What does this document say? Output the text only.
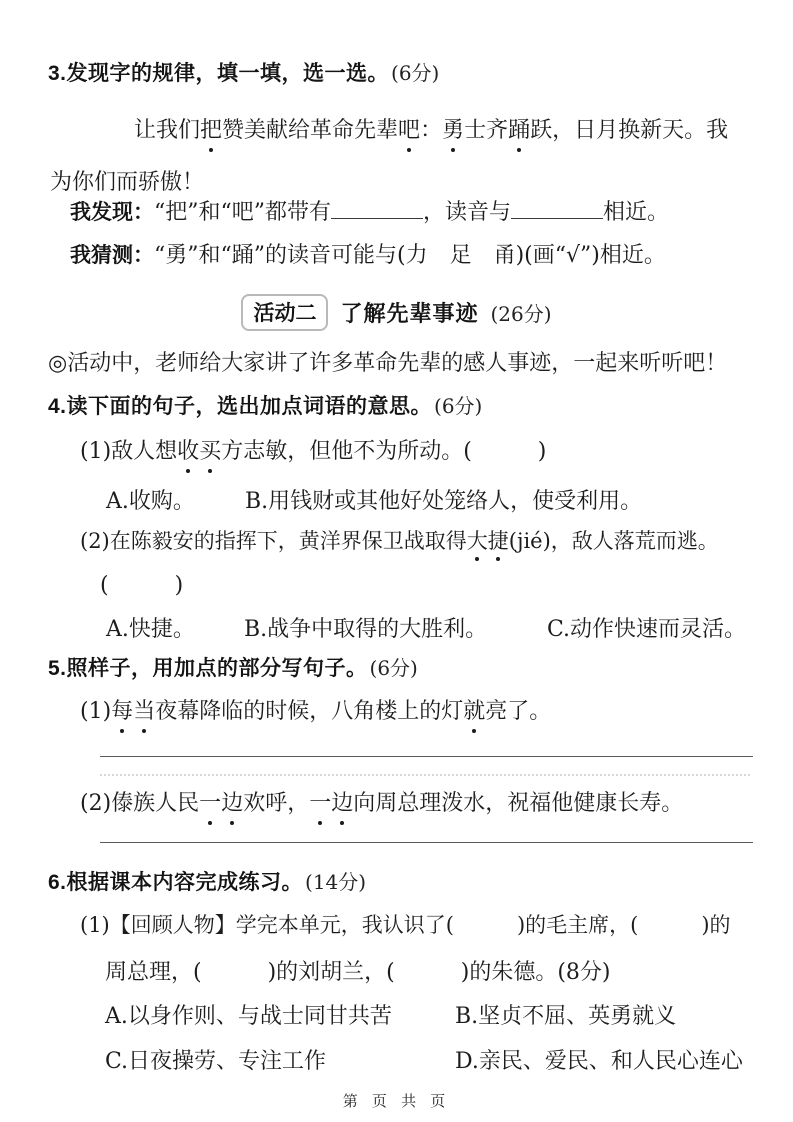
3.发现字的规律，填一填，选一选。 (6分)
让我们把赞美献给革命先辈吧：勇士齐踊跃，日月换新天。我
为你们而骄傲！
我发现：“把”和“吧”都带有	，读音与	相近。
我猜测：“勇”和“踊”的读音可能与(力　足　甬)(画“√”)相近。
活动二	了解先辈事迹 (26分)
◎活动中，老师给大家讲了许多革命先辈的感人事迹，一起来听听吧！
4.读下面的句子，选出加点词语的意思。 (6分)
(1)敌人想收买方志敏，但他不为所动。(　　　)
A.收购。 B.用钱财或其他好处笼络人，使受利用。
(2)在陈毅安的指挥下，黄洋界保卫战取得大捷(jié)，敌人落荒而逃。
(　　　)
A.快捷。 B.战争中取得的大胜利。	C.动作快速而灵活。
5.照样子，用加点的部分写句子。 (6分)
(1)每当夜幕降临的时候，八角楼上的灯就亮了。
(2)傣族人民一边欢呼，一边向周总理泼水，祝福他健康长寿。
6.根据课本内容完成练习。 (14分)
(1)【回顾人物】学完本单元，我认识了(　　　)的毛主席，(　　　)的
周总理，(　　　)的刘胡兰，(　　　)的朱德。(8分)
A.以身作则、与战士同甘共苦	B.坚贞不屈、英勇就义
C.日夜操劳、专注工作	D.亲民、爱民、和人民心连心
第 页 共 页
